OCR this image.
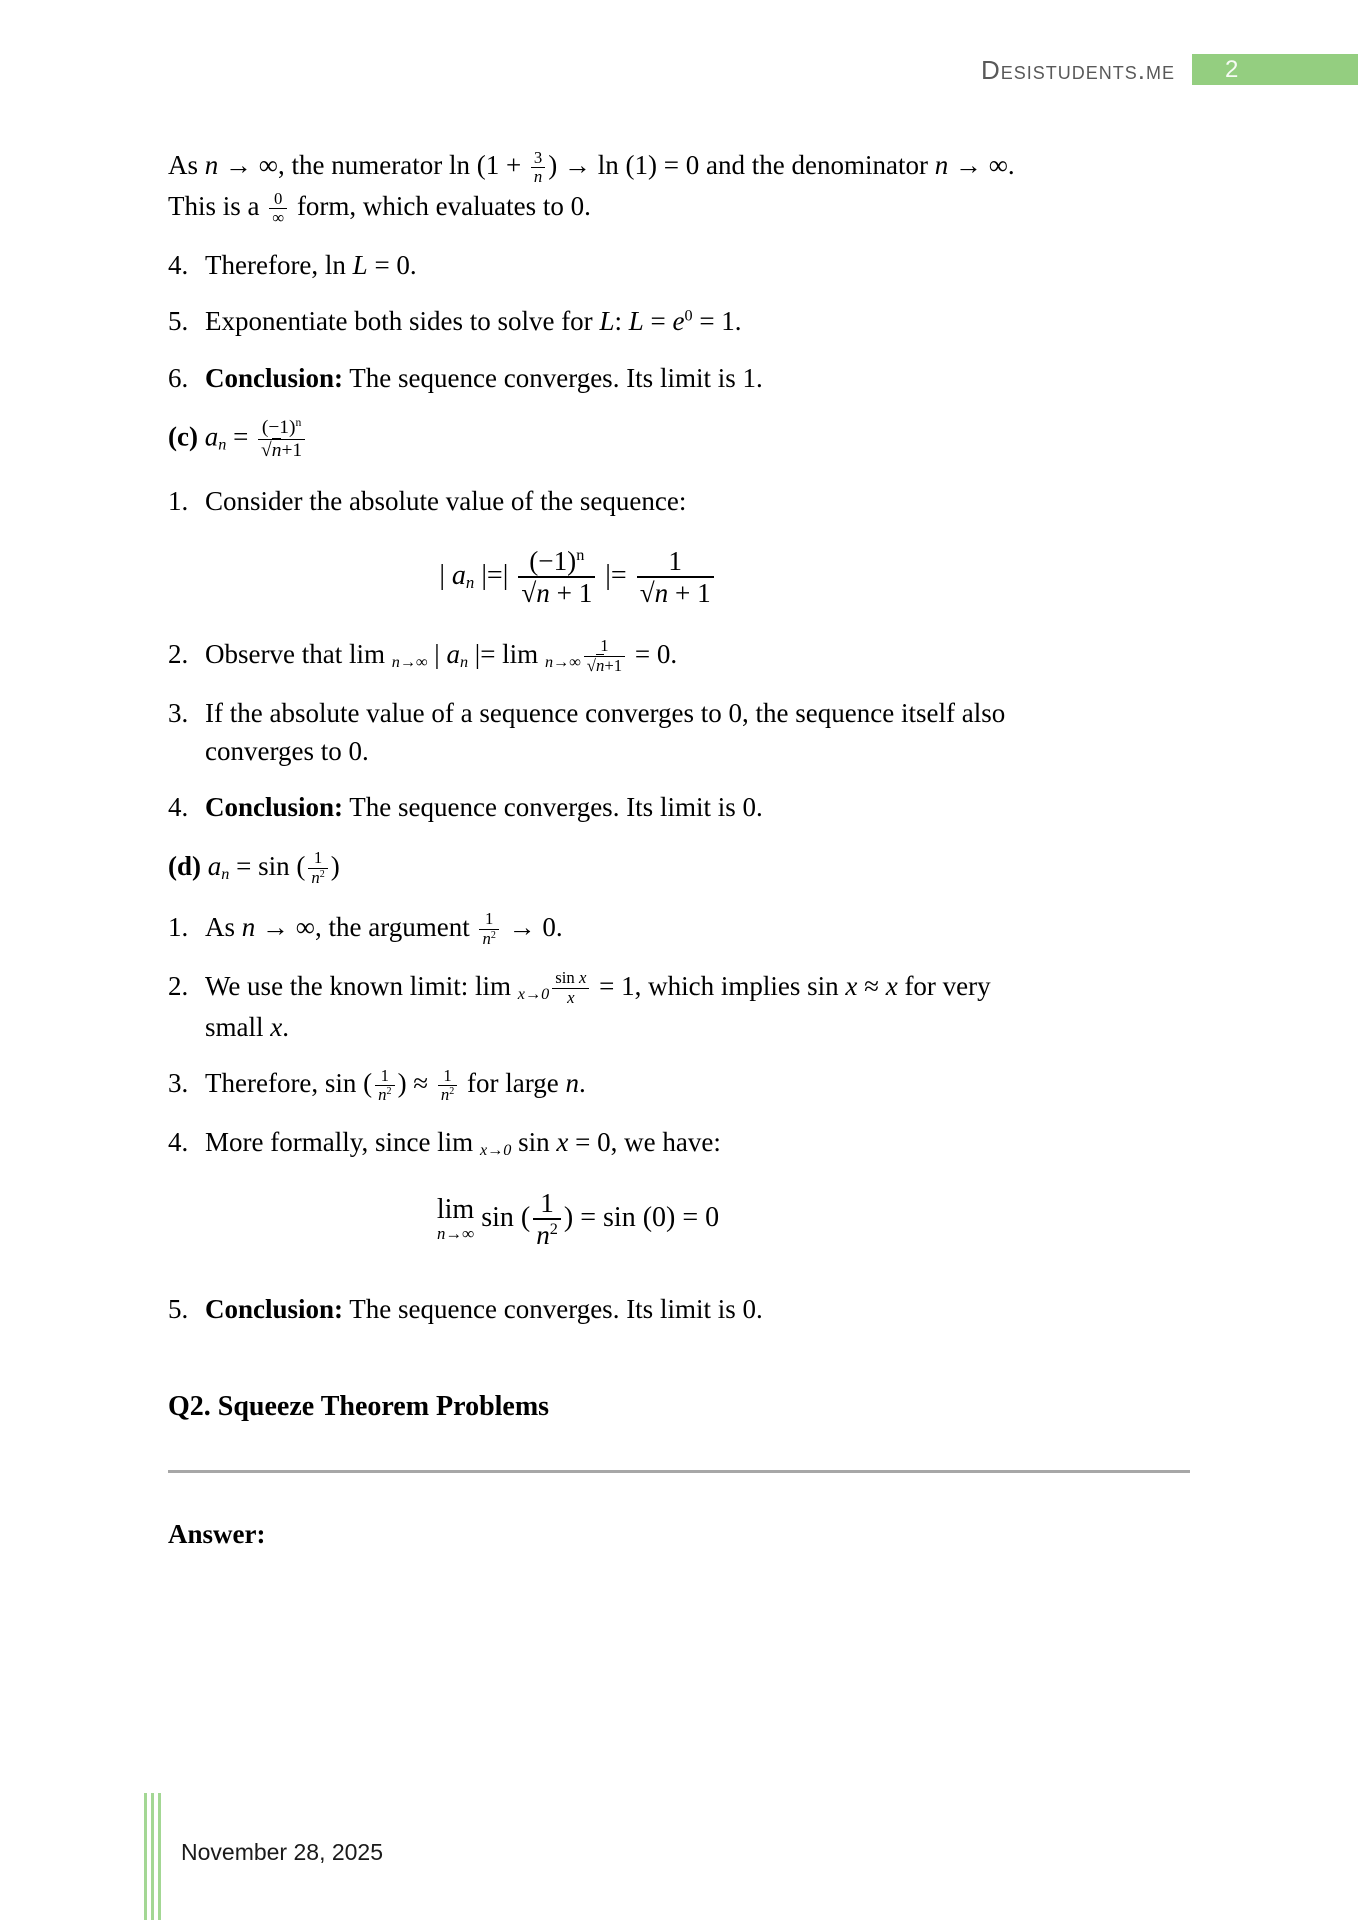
Desistudents.me	2
As n → ∞, the numerator $\ln (1 + \frac{3}{n}$ ) → ln (1) = 0 and the denominator n → ∞.
This is a $\frac{0}{\infty}$ form, which evaluates to 0.
4. Therefore, ln L = 0.
5. Exponentiate both sides to solve for L: $L = e^0 = 1$.
6. Conclusion: The sequence converges. Its limit is 1.
(c) $a_n = \frac{(-1)^n}{√n+1}$
1. Consider the absolute value of the sequence:
| $a_n$ |=| $\frac{(-1)^n}{√n + 1}$ |= $\frac{1}{√n + 1}$
2. Observe that lim $_{n\to\infty}$ | $a_n$ |= $\lim _{n\to\infty} \frac{1}{√n+1} = 0$.
3. If the absolute value of a sequence converges to 0, the sequence itself also
converges to 0.
4. Conclusion: The sequence converges. Its limit is 0.
(d) $a_n = \sin$ ( $\frac{1}{n^2}$ )
1. As n → ∞, the argument $\frac{1}{n^2} \to 0$.
2. We use the known limit: $\lim _{x\to 0} \frac{\text{sin x}}{x} = 1$, which implies sin x ≈ x for very
small x.
3. Therefore, sin ( $\frac{1}{n^2}$ ) ≈ $\frac{1}{n^2}$ for large n.
4. More formally, since lim $_{x\to 0}$ sin x = 0, we have:
lim
n→∞
sin ( $\frac{1}{n^2}$ ) = sin (0) = 0
5. Conclusion: The sequence converges. Its limit is 0.
Q2. Squeeze Theorem Problems
Answer:
November 28, 2025
